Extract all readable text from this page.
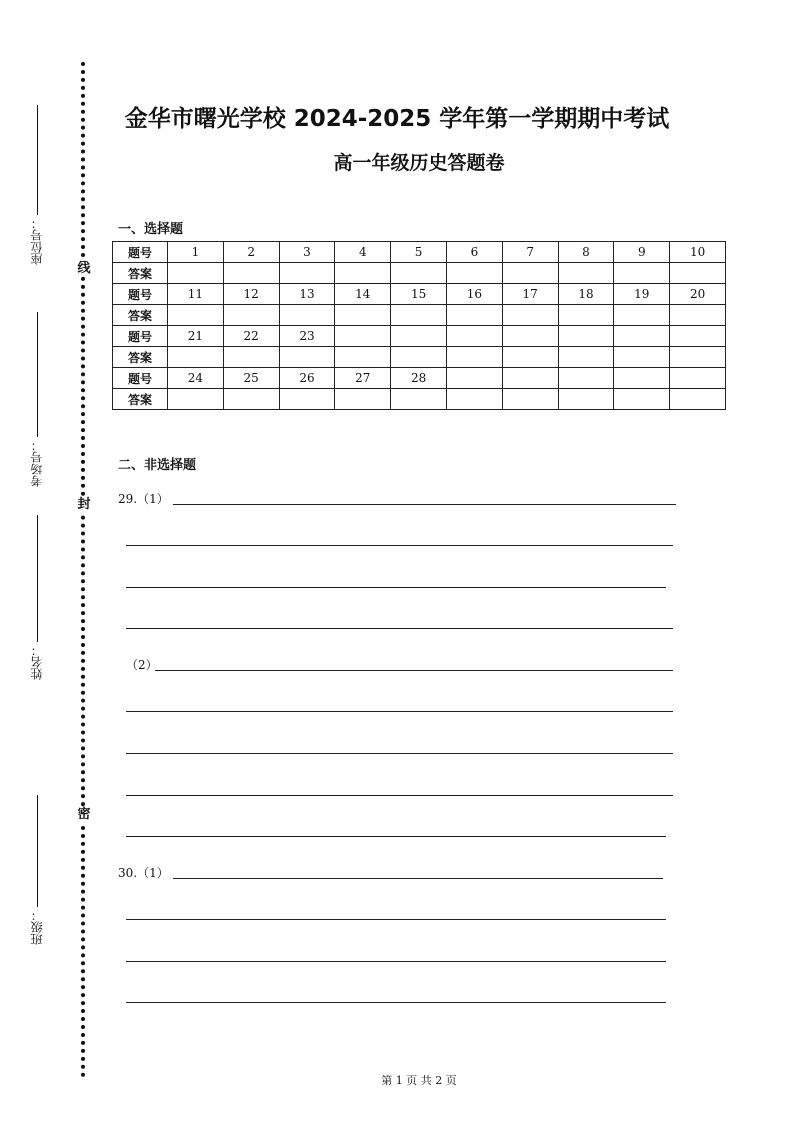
线
封
密
座位号：
考场号：
姓名：
班级：
金华市曙光学校 2024-2025 学年第一学期期中考试
高一年级历史答题卷
一、选择题
题号	1	2	3	4	5	6	7	8	9	10
答案										
题号	11	12	13	14	15	16	17	18	19	20
答案										
题号	21	22	23							
答案										
题号	24	25	26	27	28					
答案										
二、非选择题
29.（1）
（2）
30.（1）
第 1 页 共 2 页
